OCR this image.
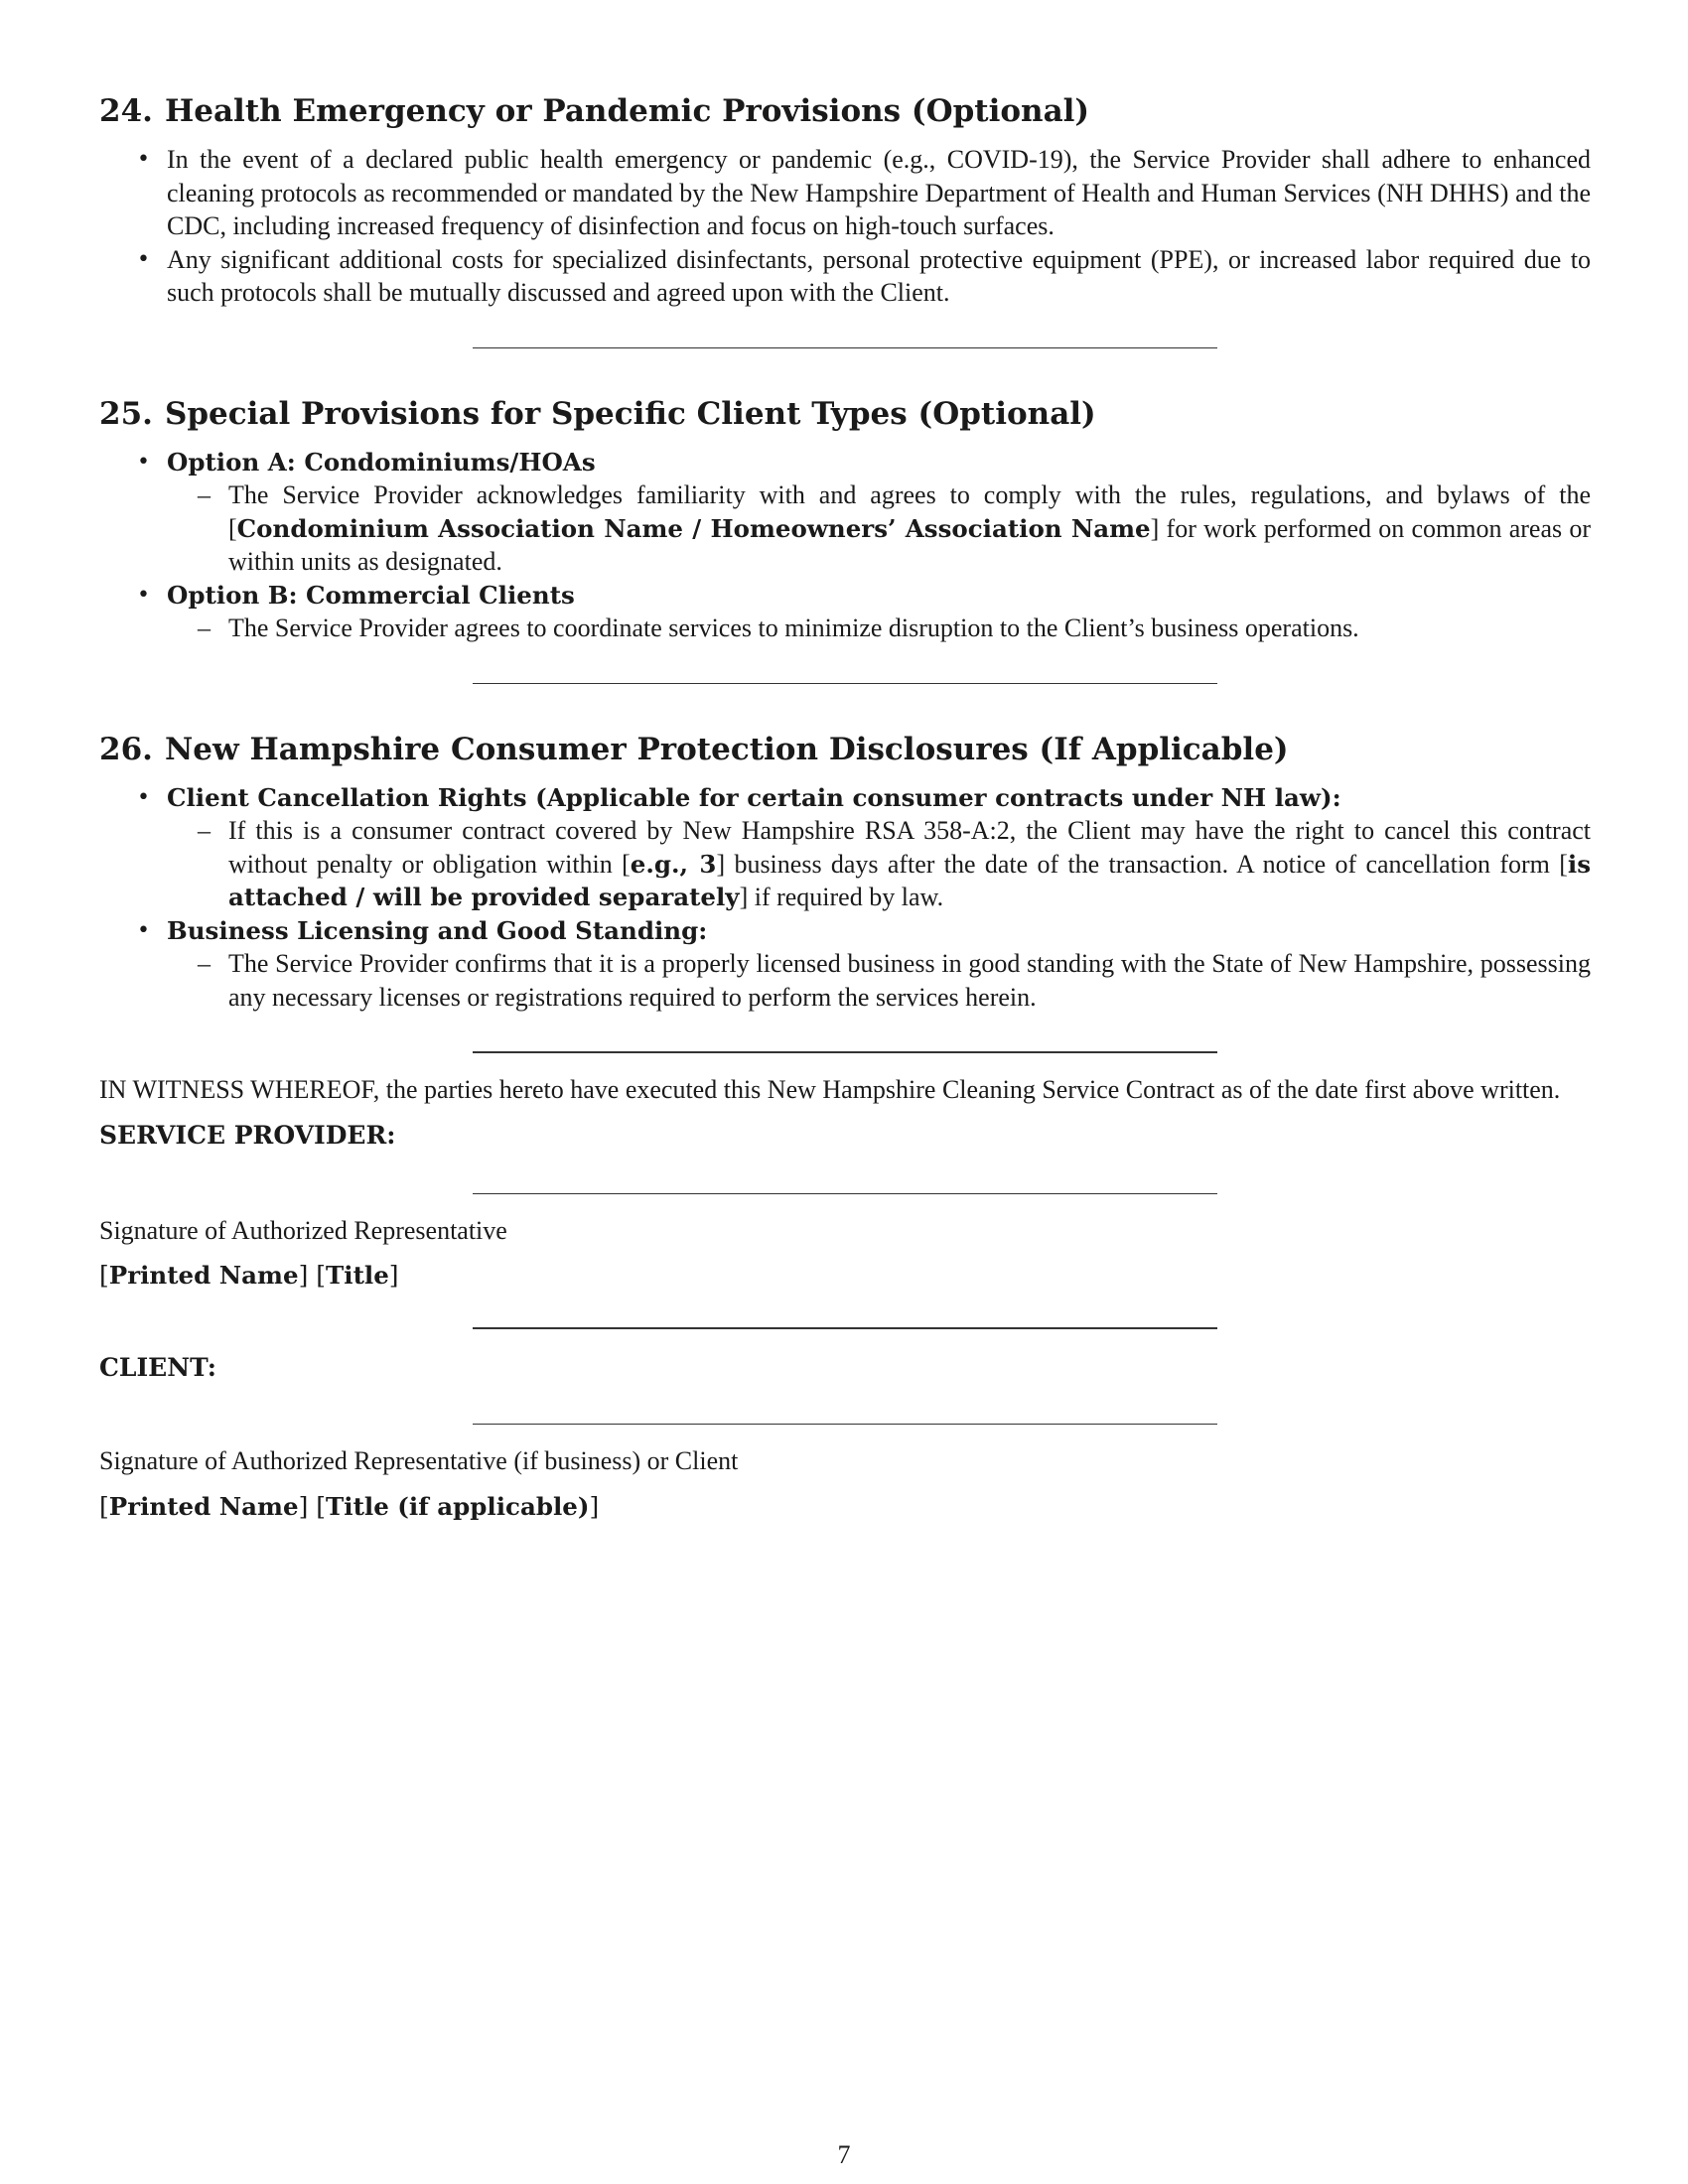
24. Health Emergency or Pandemic Provisions (Optional)
• In the event of a declared public health emergency or pandemic (e.g., COVID-19), the Service Provider shall adhere to enhanced cleaning protocols as recommended or mandated by the New Hampshire Department of Health and Human Services (NH DHHS) and the CDC, including increased frequency of disinfection and focus on high-touch surfaces.
• Any significant additional costs for specialized disinfectants, personal protective equipment (PPE), or increased labor required due to such protocols shall be mutually discussed and agreed upon with the Client.
25. Special Provisions for Specific Client Types (Optional)
• Option A: Condominiums/HOAs
– The Service Provider acknowledges familiarity with and agrees to comply with the rules, regulations, and bylaws of the [Condominium Association Name / Homeowners’ Association Name] for work performed on common areas or within units as designated.
• Option B: Commercial Clients
– The Service Provider agrees to coordinate services to minimize disruption to the Client’s business operations.
26. New Hampshire Consumer Protection Disclosures (If Applicable)
• Client Cancellation Rights (Applicable for certain consumer contracts under NH law):
– If this is a consumer contract covered by New Hampshire RSA 358-A:2, the Client may have the right to cancel this contract without penalty or obligation within [e.g., 3] business days after the date of the transaction. A notice of cancellation form [is attached / will be provided separately] if required by law.
• Business Licensing and Good Standing:
– The Service Provider confirms that it is a properly licensed business in good standing with the State of New Hampshire, possessing any necessary licenses or registrations required to perform the services herein.
IN WITNESS WHEREOF, the parties hereto have executed this New Hampshire Cleaning Service Contract as of the date first above written.
SERVICE PROVIDER:
Signature of Authorized Representative
[Printed Name] [Title]
CLIENT:
Signature of Authorized Representative (if business) or Client
[Printed Name] [Title (if applicable)]
7
